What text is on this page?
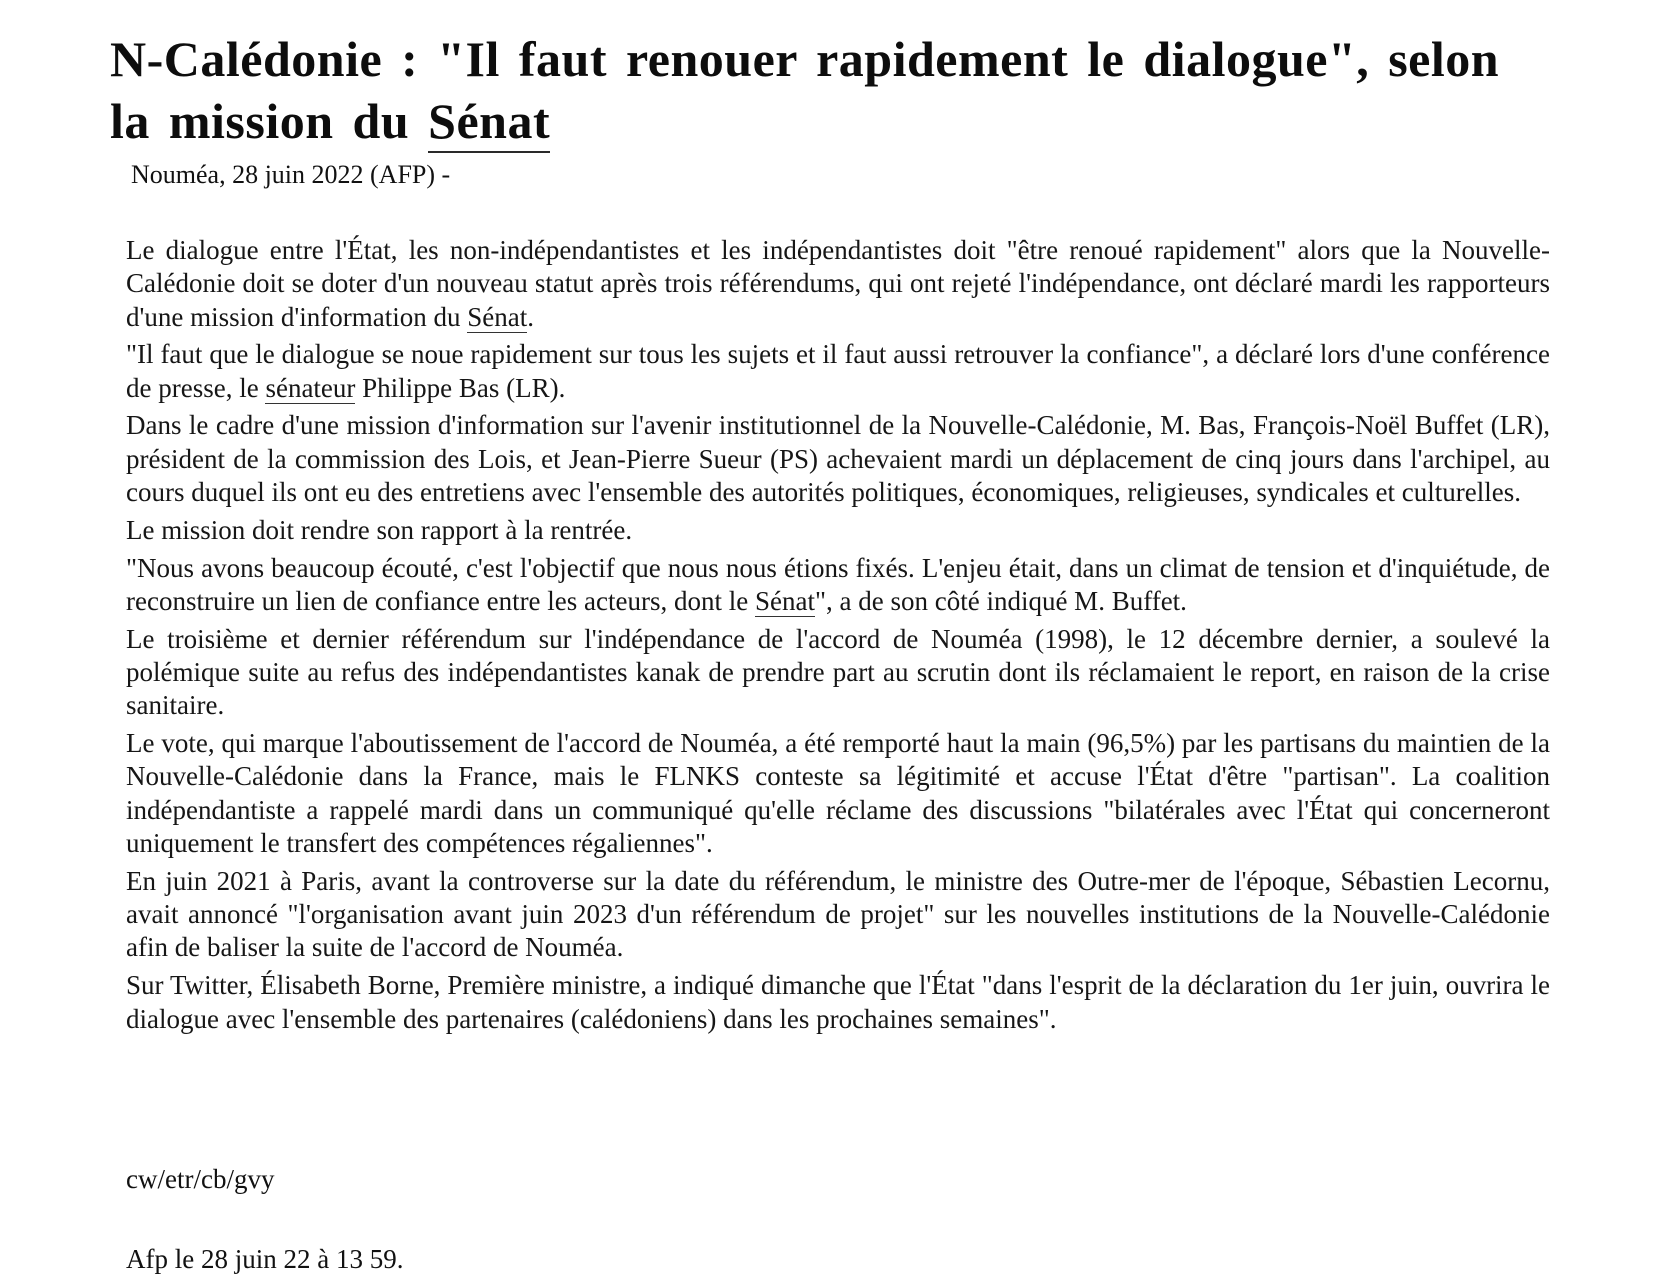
N-Calédonie : "Il faut renouer rapidement le dialogue", selon la mission du Sénat

Nouméa, 28 juin 2022 (AFP) -

Le dialogue entre l'État, les non-indépendantistes et les indépendantistes doit "être renoué rapidement" alors que la Nouvelle-Calédonie doit se doter d'un nouveau statut après trois référendums, qui ont rejeté l'indépendance, ont déclaré mardi les rapporteurs d'une mission d'information du Sénat.

"Il faut que le dialogue se noue rapidement sur tous les sujets et il faut aussi retrouver la confiance", a déclaré lors d'une conférence de presse, le sénateur Philippe Bas (LR).

Dans le cadre d'une mission d'information sur l'avenir institutionnel de la Nouvelle-Calédonie, M. Bas, François-Noël Buffet (LR), président de la commission des Lois, et Jean-Pierre Sueur (PS) achevaient mardi un déplacement de cinq jours dans l'archipel, au cours duquel ils ont eu des entretiens avec l'ensemble des autorités politiques, économiques, religieuses, syndicales et culturelles.

Le mission doit rendre son rapport à la rentrée.

"Nous avons beaucoup écouté, c'est l'objectif que nous nous étions fixés. L'enjeu était, dans un climat de tension et d'inquiétude, de reconstruire un lien de confiance entre les acteurs, dont le Sénat", a de son côté indiqué M. Buffet.

Le troisième et dernier référendum sur l'indépendance de l'accord de Nouméa (1998), le 12 décembre dernier, a soulevé la polémique suite au refus des indépendantistes kanak de prendre part au scrutin dont ils réclamaient le report, en raison de la crise sanitaire.

Le vote, qui marque l'aboutissement de l'accord de Nouméa, a été remporté haut la main (96,5%) par les partisans du maintien de la Nouvelle-Calédonie dans la France, mais le FLNKS conteste sa légitimité et accuse l'État d'être "partisan". La coalition indépendantiste a rappelé mardi dans un communiqué qu'elle réclame des discussions "bilatérales avec l'État qui concerneront uniquement le transfert des compétences régaliennes".

En juin 2021 à Paris, avant la controverse sur la date du référendum, le ministre des Outre-mer de l'époque, Sébastien Lecornu, avait annoncé "l'organisation avant juin 2023 d'un référendum de projet" sur les nouvelles institutions de la Nouvelle-Calédonie afin de baliser la suite de l'accord de Nouméa.

Sur Twitter, Élisabeth Borne, Première ministre, a indiqué dimanche que l'État "dans l'esprit de la déclaration du 1er juin, ouvrira le dialogue avec l'ensemble des partenaires (calédoniens) dans les prochaines semaines".

cw/etr/cb/gvy

Afp le 28 juin 22 à 13 59.
